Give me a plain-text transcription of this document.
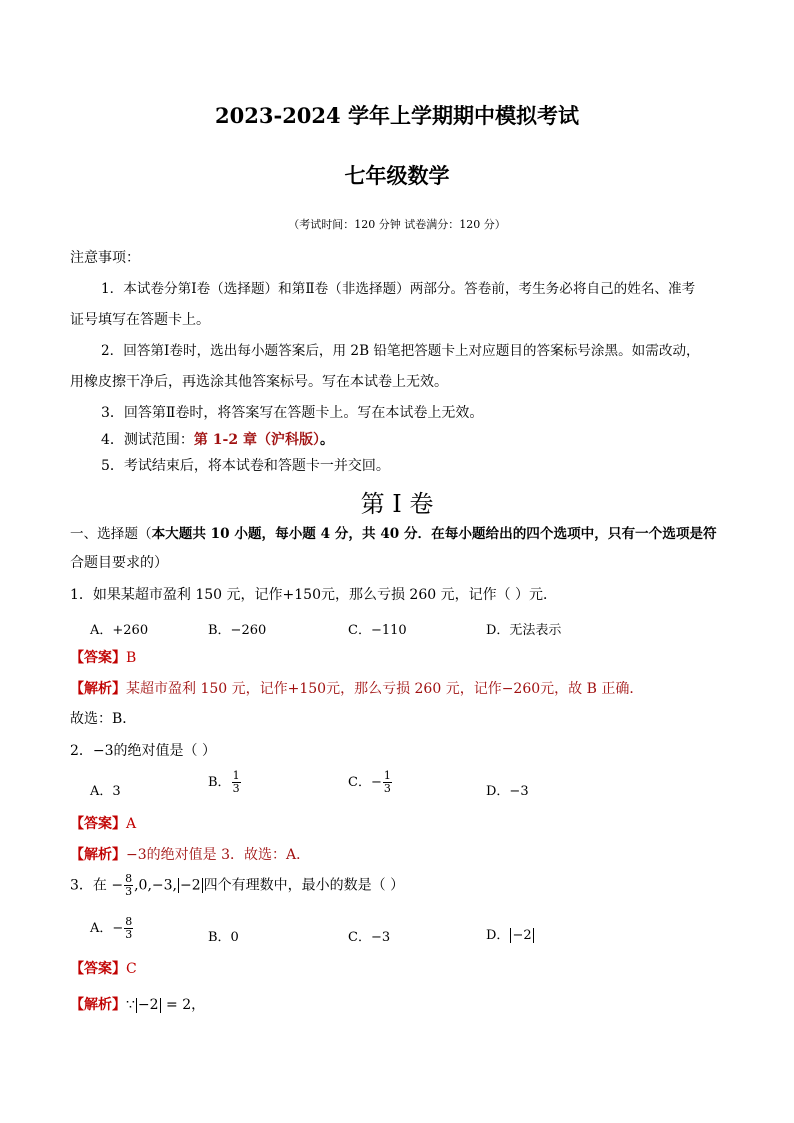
2023-2024 学年上学期期中模拟考试
七年级数学
（考试时间：120 分钟 试卷满分：120 分）
注意事项：
1．本试卷分第Ⅰ卷（选择题）和第Ⅱ卷（非选择题）两部分。答卷前，考生务必将自己的姓名、准考
证号填写在答题卡上。
2．回答第Ⅰ卷时，选出每小题答案后，用 2B 铅笔把答题卡上对应题目的答案标号涂黑。如需改动，
用橡皮擦干净后，再选涂其他答案标号。写在本试卷上无效。
3．回答第Ⅱ卷时，将答案写在答题卡上。写在本试卷上无效。
4．测试范围：第 1-2 章（沪科版）。
5．考试结束后，将本试卷和答题卡一并交回。
第 I 卷
一、选择题（本大题共 10 小题，每小题 4 分，共 40 分．在每小题给出的四个选项中，只有一个选项是符
合题目要求的）
1．如果某超市盈利 150 元，记作+150元，那么亏损 260 元，记作（ ）元．
A．+260	B．−260	C．−110	D．无法表示
【答案】B
【解析】某超市盈利 150 元，记作+150元，那么亏损 260 元，记作−260元，故 B 正确．
故选：B．
2．−3的绝对值是（ ）
A．3
B． $\frac{1}{3}$	C．− $\frac{1}{3}$	D．−3
【答案】A
【解析】−3的绝对值是 3．故选：A．
3．在 − $\frac{8}{3} ,0,-3$, −2 四个有理数中，最小的数是（ ）
A．− $\frac{8}{3}$	B．0	C．−3	D． −2
【答案】C
【解析】∵ −2 = 2，
